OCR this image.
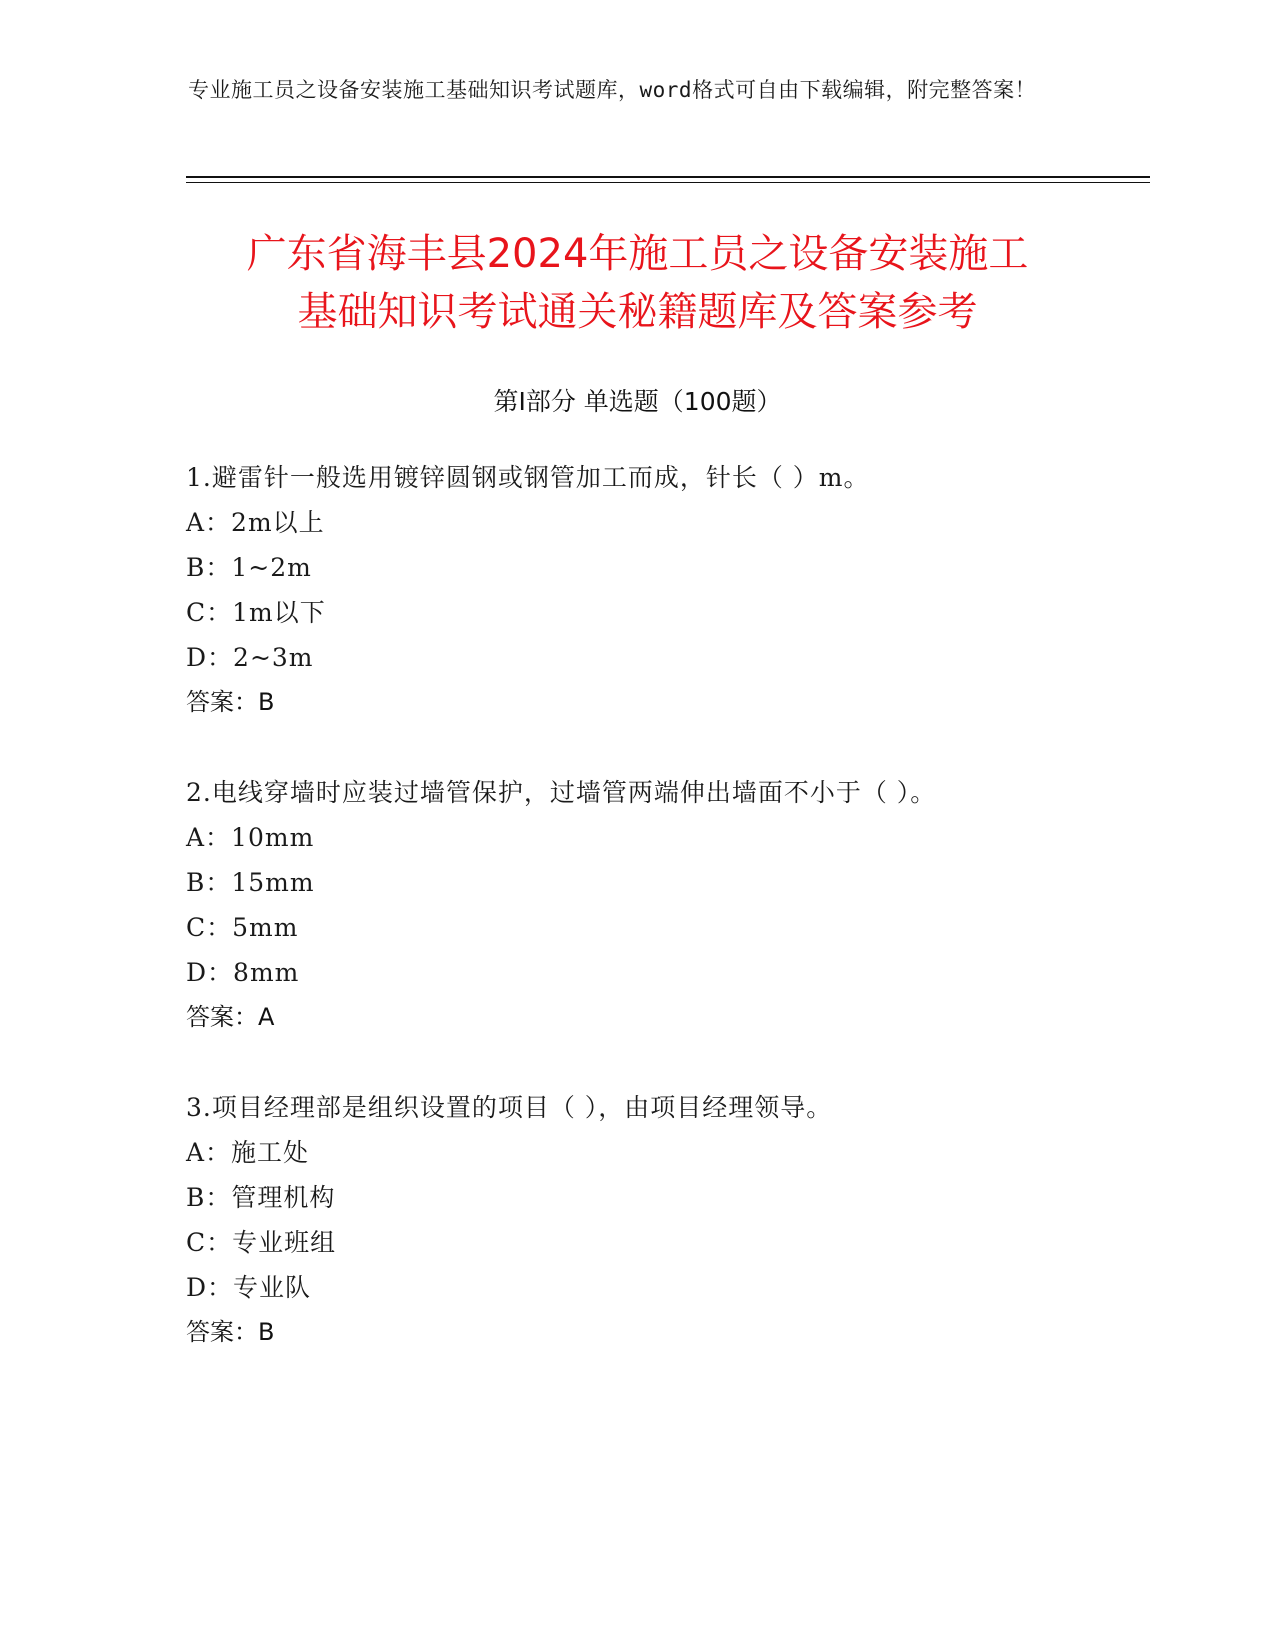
专业施工员之设备安装施工基础知识考试题库，word格式可自由下载编辑，附完整答案！
广东省海丰县2024年施工员之设备安装施工
基础知识考试通关秘籍题库及答案参考
第Ⅰ部分 单选题（100题）
1.避雷针一般选用镀锌圆钢或钢管加工而成，针长（ ）m。
A：2m以上
B：1~2m
C：1m以下
D：2~3m
答案：B
2.电线穿墙时应装过墙管保护，过墙管两端伸出墙面不小于（ ）。
A：10mm
B：15mm
C：5mm
D：8mm
答案：A
3.项目经理部是组织设置的项目（ ），由项目经理领导。
A：施工处
B：管理机构
C：专业班组
D：专业队
答案：B
